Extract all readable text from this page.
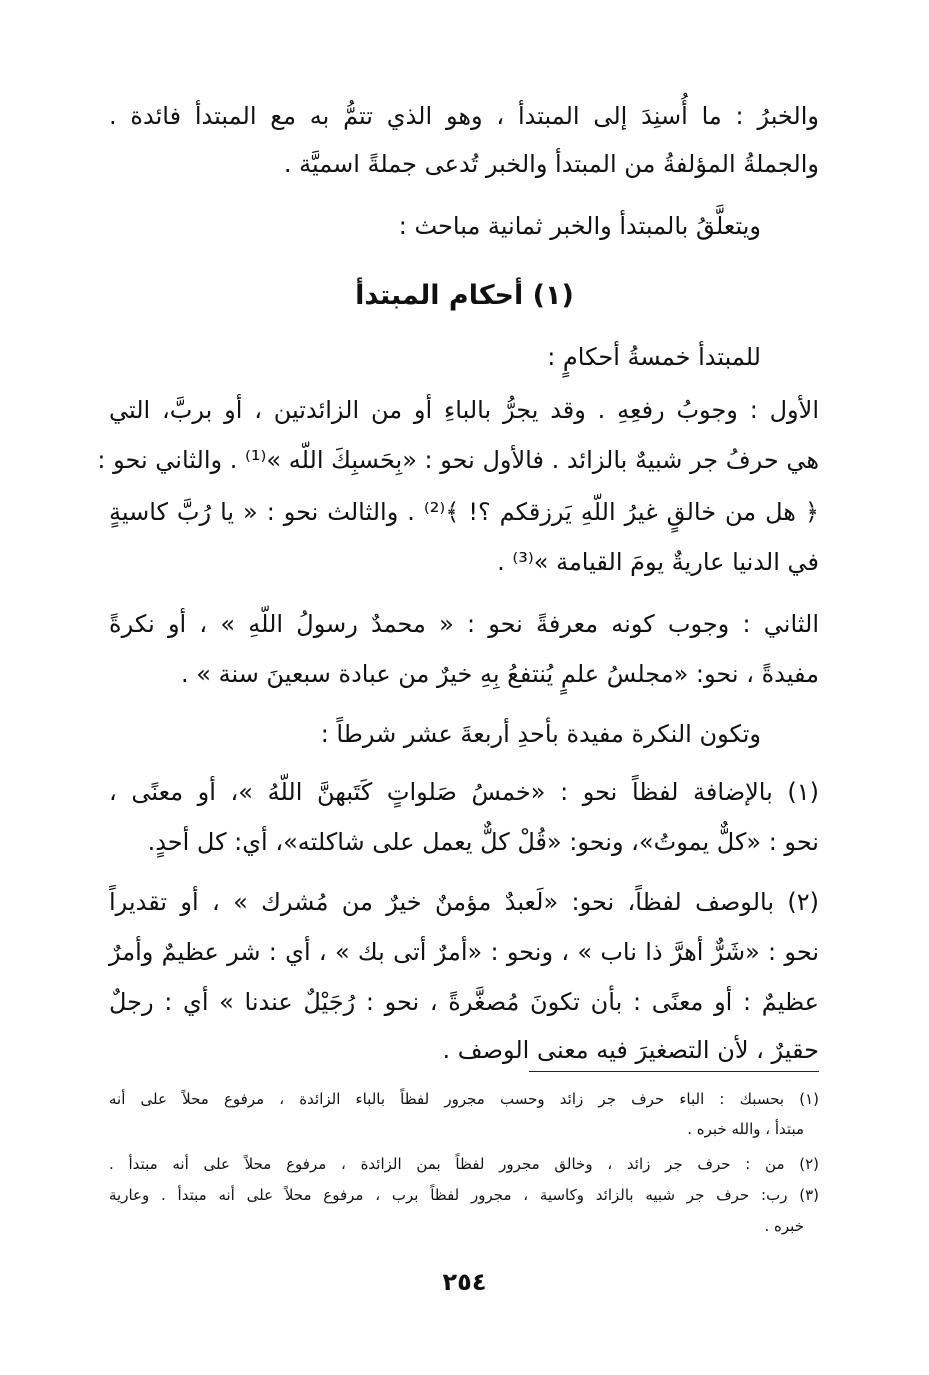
والخبرُ : ما أُسنِدَ إلى المبتدأ ، وهو الذي تتمُّ به مع المبتدأ فائدة .
والجملةُ المؤلفةُ من المبتدأ والخبر تُدعى جملةً اسميَّة .
ويتعلَّقُ بالمبتدأ والخبر ثمانية مباحث :
(١) أحكام المبتدأ
للمبتدأ خمسةُ أحكامٍ :
الأول : وجوبُ رفعِهِ . وقد يجرُّ بالباءِ أو من الزائدتين ، أو بربَّ، التي
هي حرفُ جر شبيهٌ بالزائد . فالأول نحو : «بِحَسبِكَ اللّه »⁽¹⁾ . والثاني نحو :
﴿ هل من خالقٍ غيرُ اللّهِ يَرزقكم ؟! ﴾⁽²⁾ . والثالث نحو : « يا رُبَّ كاسيةٍ
في الدنيا عاريةٌ يومَ القيامة »⁽³⁾ .
الثاني : وجوب كونه معرفةً نحو : « محمدٌ رسولُ اللّهِ » ، أو نكرةً
مفيدةً ، نحو: «مجلسُ علمٍ يُنتفعُ بِهِ خيرٌ من عبادة سبعينَ سنة » .
وتكون النكرة مفيدة بأحدِ أربعةَ عشر شرطاً :
(١) بالإضافة لفظاً نحو : «خمسُ صَلواتٍ كَتَبهنَّ اللّهُ »، أو معنًى ،
نحو : «كلٌّ يموتُ»، ونحو: «قُلْ كلٌّ يعمل على شاكلته»، أي: كل أحدٍ.
(٢) بالوصف لفظاً، نحو: «لَعبدٌ مؤمنٌ خيرٌ من مُشرك » ، أو تقديراً
نحو : «شَرٌّ أهرَّ ذا ناب » ، ونحو : «أمرٌ أتى بك » ، أي : شر عظيمٌ وأمرٌ
عظيمٌ : أو معنًى : بأن تكونَ مُصغَّرةً ، نحو : رُجَيْلٌ عندنا » أي : رجلٌ
حقيرٌ ، لأن التصغيرَ فيه معنى الوصف .
(١) بحسبك : الباء حرف جر زائد وحسب مجرور لفظاً بالباء الزائدة ، مرفوع محلاً على أنه
مبتدأ ، والله خبره .
(٢) من : حرف جر زائد ، وخالق مجرور لفظاً بمن الزائدة ، مرفوع محلاً على أنه مبتدأ .
(٣) رب: حرف جر شبيه بالزائد وكاسية ، مجرور لفظاً برب ، مرفوع محلاً على أنه مبتدأ . وعارية
خبره .
٢٥٤
